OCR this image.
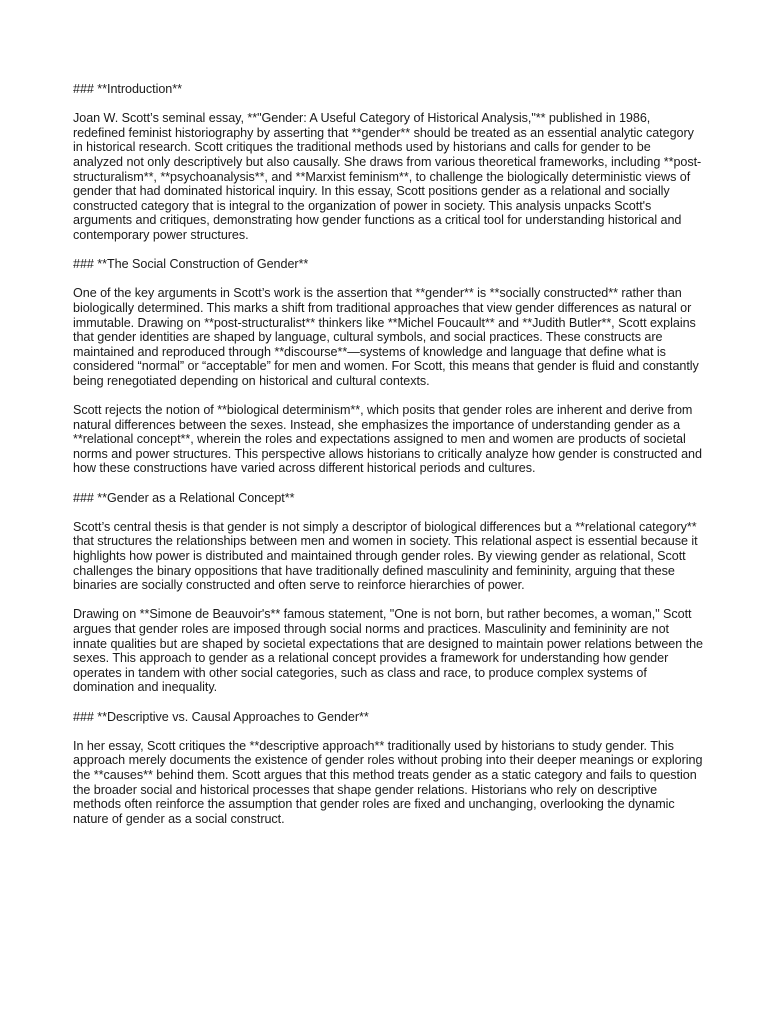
### **Introduction**

Joan W. Scott’s seminal essay, **"Gender: A Useful Category of Historical Analysis,"** published in 1986, redefined feminist historiography by asserting that **gender** should be treated as an essential analytic category in historical research. Scott critiques the traditional methods used by historians and calls for gender to be analyzed not only descriptively but also causally. She draws from various theoretical frameworks, including **post-structuralism**, **psychoanalysis**, and **Marxist feminism**, to challenge the biologically deterministic views of gender that had dominated historical inquiry. In this essay, Scott positions gender as a relational and socially constructed category that is integral to the organization of power in society. This analysis unpacks Scott's arguments and critiques, demonstrating how gender functions as a critical tool for understanding historical and contemporary power structures.

### **The Social Construction of Gender**

One of the key arguments in Scott’s work is the assertion that **gender** is **socially constructed** rather than biologically determined. This marks a shift from traditional approaches that view gender differences as natural or immutable. Drawing on **post-structuralist** thinkers like **Michel Foucault** and **Judith Butler**, Scott explains that gender identities are shaped by language, cultural symbols, and social practices. These constructs are maintained and reproduced through **discourse**—systems of knowledge and language that define what is considered “normal” or “acceptable” for men and women. For Scott, this means that gender is fluid and constantly being renegotiated depending on historical and cultural contexts.

Scott rejects the notion of **biological determinism**, which posits that gender roles are inherent and derive from natural differences between the sexes. Instead, she emphasizes the importance of understanding gender as a **relational concept**, wherein the roles and expectations assigned to men and women are products of societal norms and power structures. This perspective allows historians to critically analyze how gender is constructed and how these constructions have varied across different historical periods and cultures.

### **Gender as a Relational Concept**

Scott’s central thesis is that gender is not simply a descriptor of biological differences but a **relational category** that structures the relationships between men and women in society. This relational aspect is essential because it highlights how power is distributed and maintained through gender roles. By viewing gender as relational, Scott challenges the binary oppositions that have traditionally defined masculinity and femininity, arguing that these binaries are socially constructed and often serve to reinforce hierarchies of power.

Drawing on **Simone de Beauvoir's** famous statement, "One is not born, but rather becomes, a woman," Scott argues that gender roles are imposed through social norms and practices. Masculinity and femininity are not innate qualities but are shaped by societal expectations that are designed to maintain power relations between the sexes. This approach to gender as a relational concept provides a framework for understanding how gender operates in tandem with other social categories, such as class and race, to produce complex systems of domination and inequality.

### **Descriptive vs. Causal Approaches to Gender**

In her essay, Scott critiques the **descriptive approach** traditionally used by historians to study gender. This approach merely documents the existence of gender roles without probing into their deeper meanings or exploring the **causes** behind them. Scott argues that this method treats gender as a static category and fails to question the broader social and historical processes that shape gender relations. Historians who rely on descriptive methods often reinforce the assumption that gender roles are fixed and unchanging, overlooking the dynamic nature of gender as a social construct.
